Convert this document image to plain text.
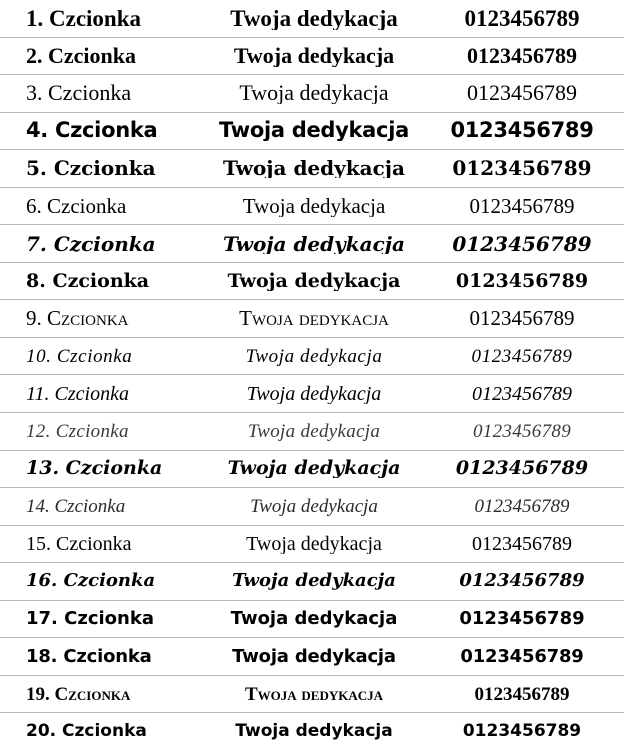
1. Czcionka	Twoja dedykacja	0123456789
2. Czcionka	Twoja dedykacja	0123456789
3. Czcionka	Twoja dedykacja	0123456789
4. Czcionka	Twoja dedykacja	0123456789
5. Czcionka	Twoja dedykacja	0123456789
6. Czcionka	Twoja dedykacja	0123456789
7. Czcionka	Twoja dedykacja	0123456789
8. Czcionka	Twoja dedykacja	0123456789
9. Czcionka	Twoja dedykacja	0123456789
10. Czcionka	Twoja dedykacja	0123456789
11. Czcionka	Twoja dedykacja	0123456789
12. Czcionka	Twoja dedykacja	0123456789
13. Czcionka	Twoja dedykacja	0123456789
14. Czcionka	Twoja dedykacja	0123456789
15. Czcionka	Twoja dedykacja	0123456789
16. Czcionka	Twoja dedykacja	0123456789
17. Czcionka	Twoja dedykacja	0123456789
18. Czcionka	Twoja dedykacja	0123456789
19. Czcionka	Twoja dedykacja	0123456789
20. Czcionka	Twoja dedykacja	0123456789
